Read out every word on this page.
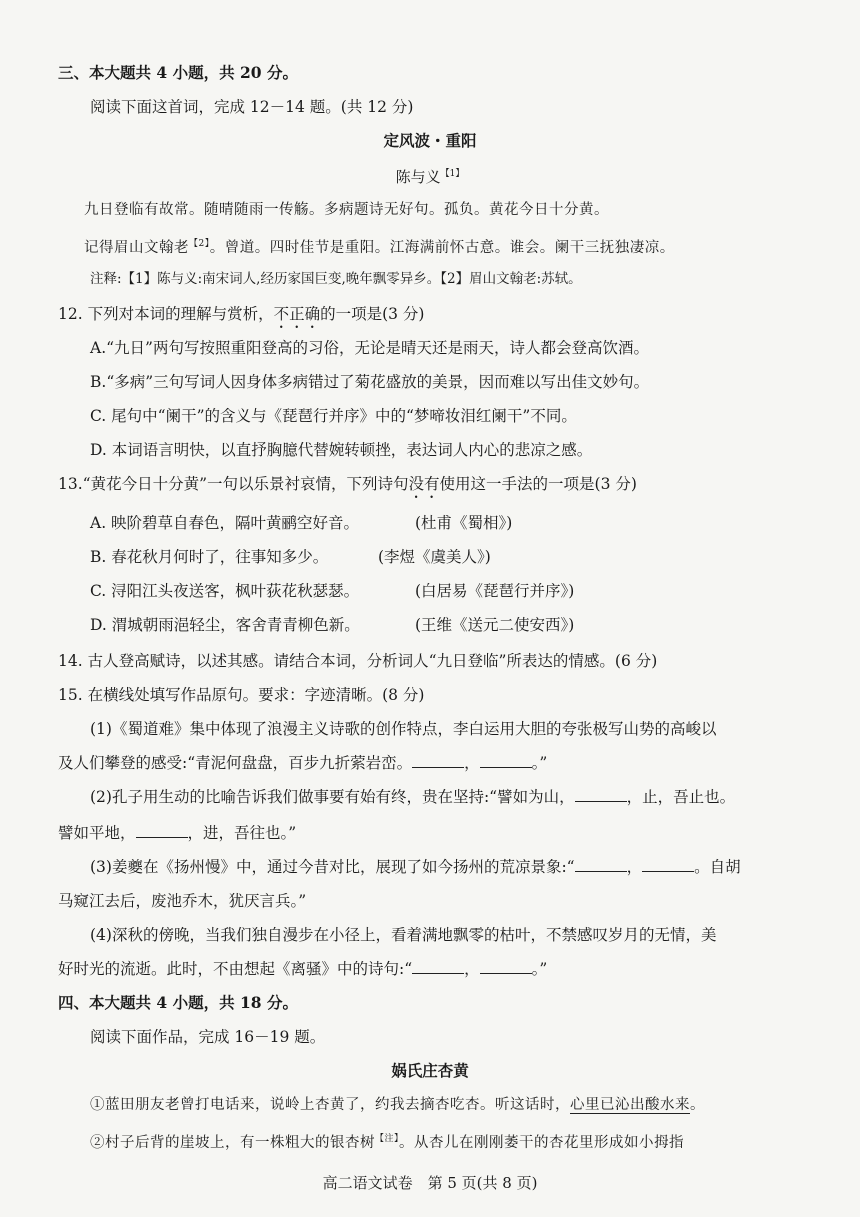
三、本大题共 4 小题，共 20 分。
阅读下面这首词，完成 12－14 题。(共 12 分)
定风波・重阳
陈与义$^{【1】}$
九日登临有故常。随晴随雨一传觞。多病题诗无好句。孤负。黄花今日十分黄。
记得眉山文翰老$^{【2】}$。曾道。四时佳节是重阳。江海满前怀古意。谁会。阑干三抚独凄凉。
注释:【1】陈与义:南宋词人,经历家国巨变,晚年飘零异乡。【2】眉山文翰老:苏轼。
12. 下列对本词的理解与赏析，不正确的一项是(3 分)
A.“九日”两句写按照重阳登高的习俗，无论是晴天还是雨天，诗人都会登高饮酒。
B.“多病”三句写词人因身体多病错过了菊花盛放的美景，因而难以写出佳文妙句。
C. 尾句中“阑干”的含义与《琵琶行并序》中的“梦啼妆泪红阑干”不同。
D. 本词语言明快，以直抒胸臆代替婉转顿挫，表达词人内心的悲凉之感。
13.“黄花今日十分黄”一句以乐景衬哀情，下列诗句没有使用这一手法的一项是(3 分)
A. 映阶碧草自春色，隔叶黄鹂空好音。	(杜甫《蜀相》)
B. 春花秋月何时了，往事知多少。	(李煜《虞美人》)
C. 浔阳江头夜送客，枫叶荻花秋瑟瑟。	(白居易《琵琶行并序》)
D. 渭城朝雨浥轻尘，客舍青青柳色新。	(王维《送元二使安西》)
14. 古人登高赋诗，以述其感。请结合本词，分析词人“九日登临”所表达的情感。(6 分)
15. 在横线处填写作品原句。要求：字迹清晰。(8 分)
(1)《蜀道难》集中体现了浪漫主义诗歌的创作特点，李白运用大胆的夸张极写山势的高峻以
及人们攀登的感受:“青泥何盘盘，百步九折萦岩峦。	，	。”
(2)孔子用生动的比喻告诉我们做事要有始有终，贵在坚持:“譬如为山，	，止，吾止也。
譬如平地，	，进，吾往也。”
(3)姜夔在《扬州慢》中，通过今昔对比，展现了如今扬州的荒凉景象:“	，	。自胡
马窥江去后，废池乔木，犹厌言兵。”
(4)深秋的傍晚，当我们独自漫步在小径上，看着满地飘零的枯叶，不禁感叹岁月的无情，美
好时光的流逝。此时，不由想起《离骚》中的诗句:“	，	。”
四、本大题共 4 小题，共 18 分。
阅读下面作品，完成 16－19 题。
娲氏庄杏黄
①蓝田朋友老曾打电话来，说岭上杏黄了，约我去摘杏吃杏。听这话时，心里已沁出酸水来。
②村子后背的崖坡上，有一株粗大的银杏树$^{【注】}$。从杏儿在刚刚萎干的杏花里形成如小拇指
高二语文试卷　第 5 页(共 8 页)
